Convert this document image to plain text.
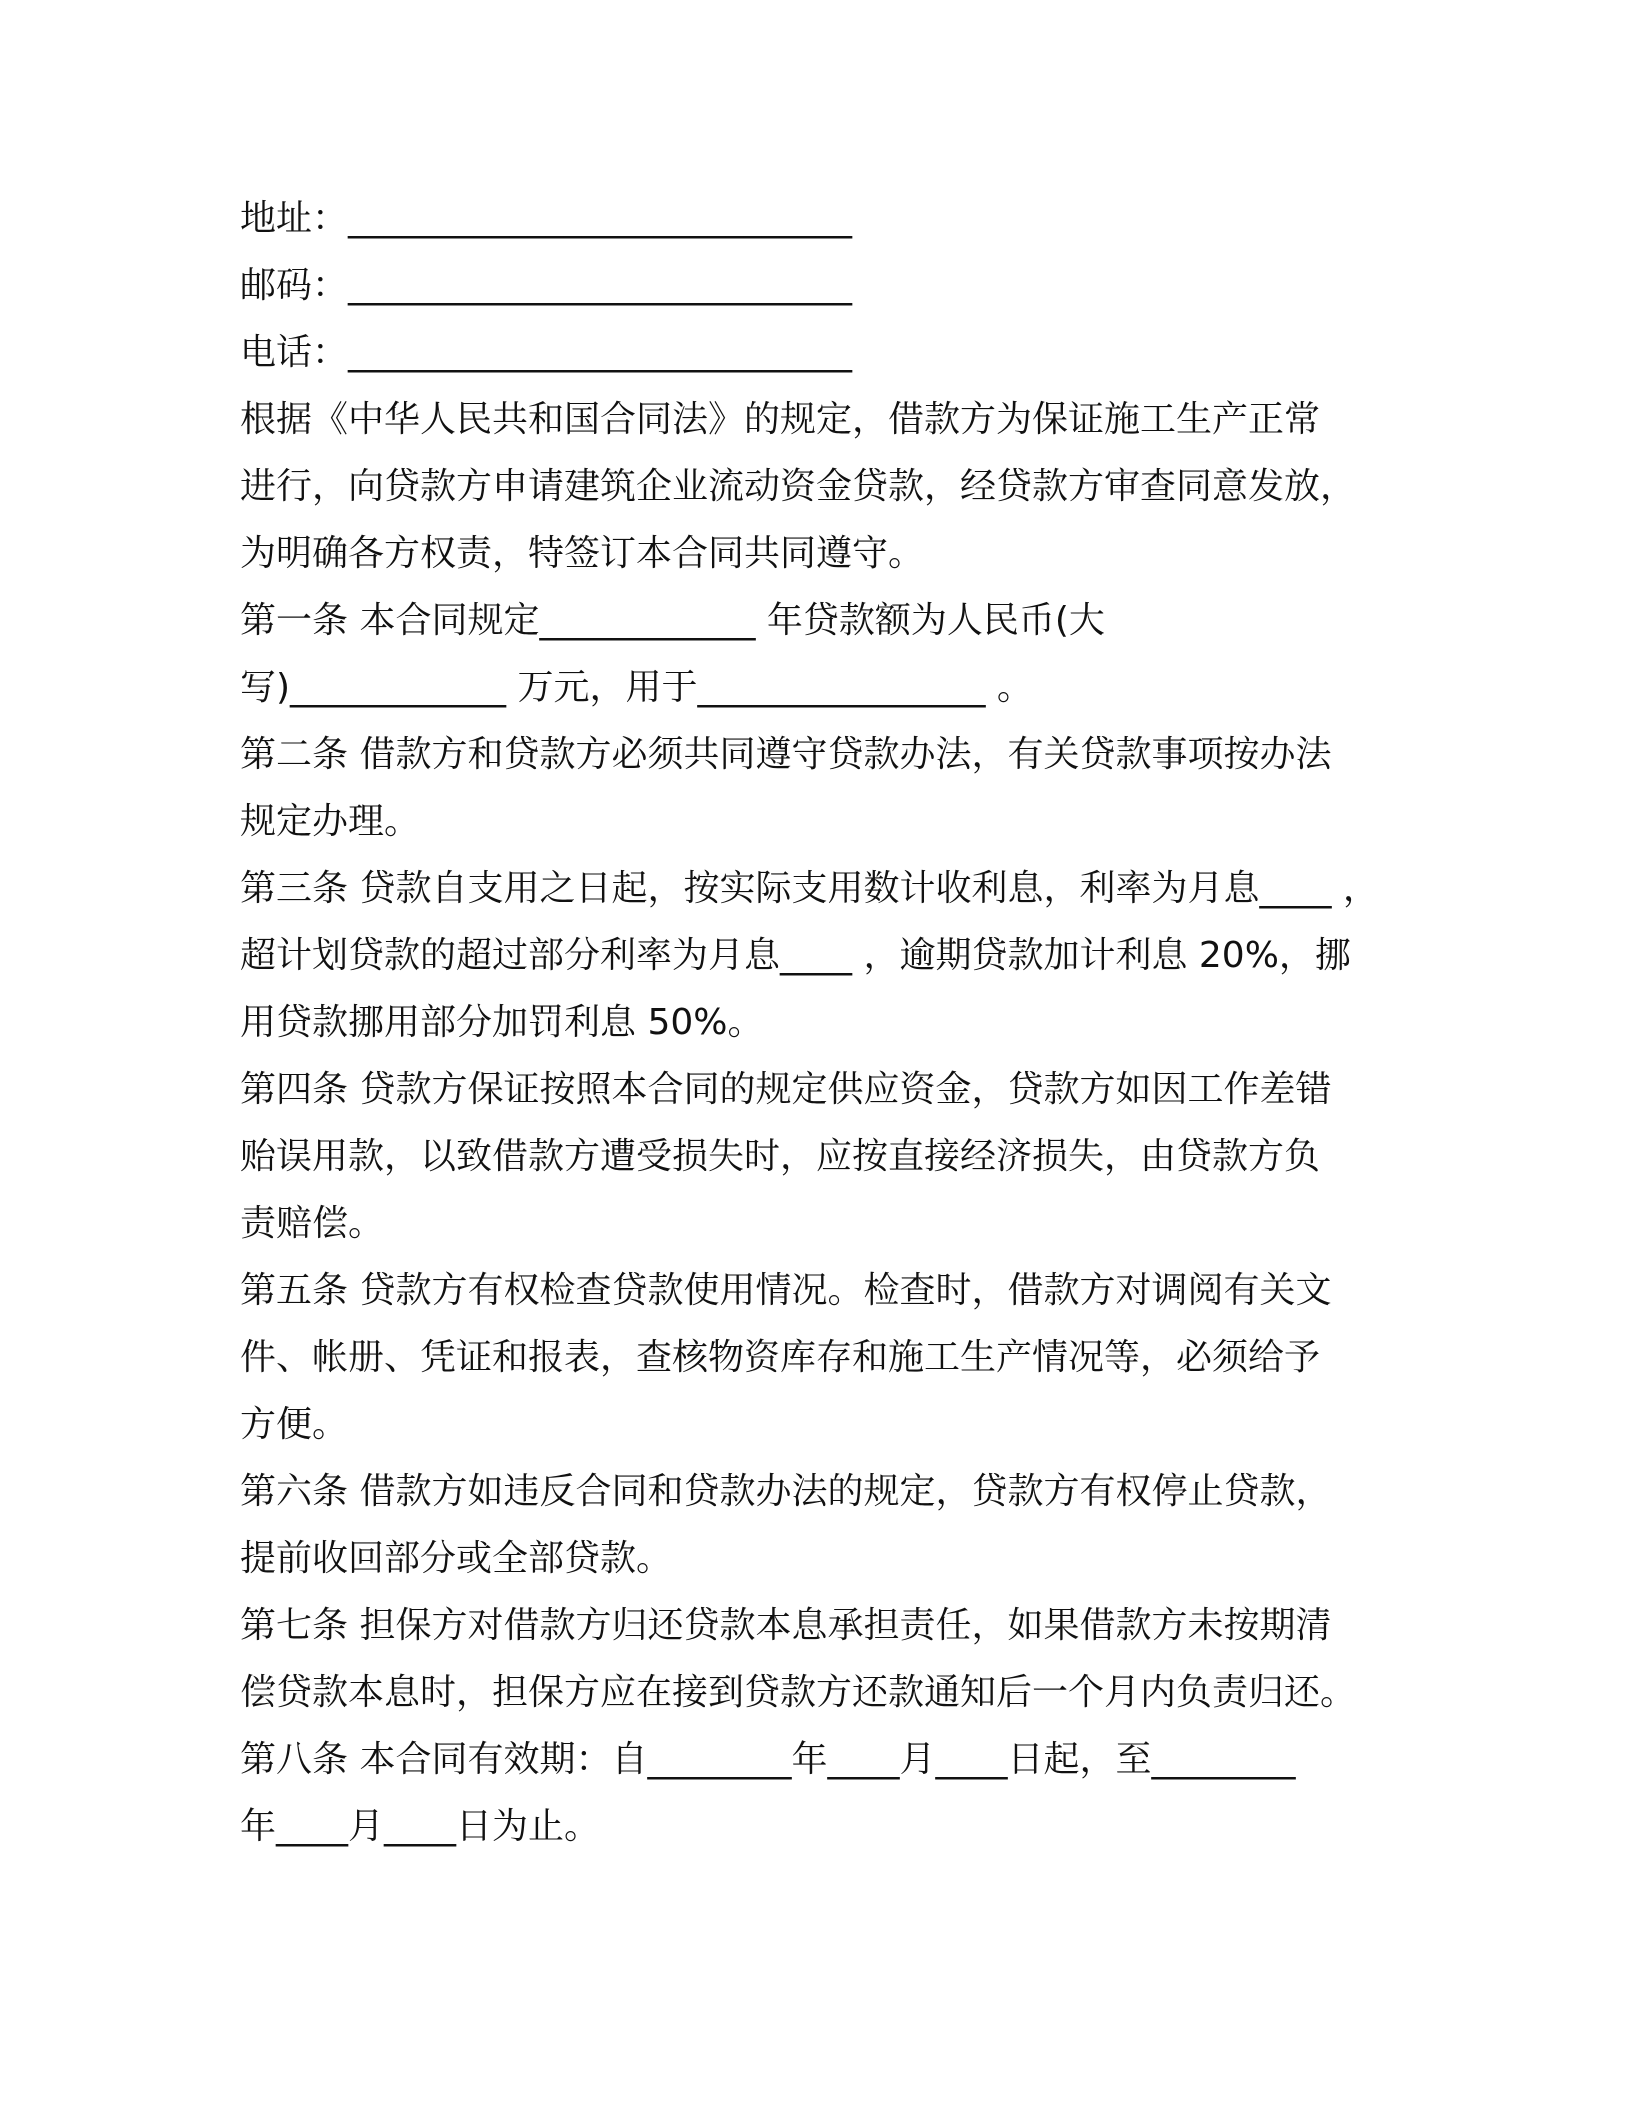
地址：____________________________
邮码：____________________________
电话：____________________________
根据《中华人民共和国合同法》的规定，借款方为保证施工生产正常
进行，向贷款方申请建筑企业流动资金贷款，经贷款方审查同意发放，
为明确各方权责，特签订本合同共同遵守。
第一条 本合同规定____________ 年贷款额为人民币(大
写)____________ 万元，用于________________ 。
第二条 借款方和贷款方必须共同遵守贷款办法，有关贷款事项按办法
规定办理。
第三条 贷款自支用之日起，按实际支用数计收利息，利率为月息____ ，
超计划贷款的超过部分利率为月息____ ，逾期贷款加计利息 20%，挪
用贷款挪用部分加罚利息 50%。
第四条 贷款方保证按照本合同的规定供应资金，贷款方如因工作差错
贻误用款，以致借款方遭受损失时，应按直接经济损失，由贷款方负
责赔偿。
第五条 贷款方有权检查贷款使用情况。检查时，借款方对调阅有关文
件、帐册、凭证和报表，查核物资库存和施工生产情况等，必须给予
方便。
第六条 借款方如违反合同和贷款办法的规定，贷款方有权停止贷款，
提前收回部分或全部贷款。
第七条 担保方对借款方归还贷款本息承担责任，如果借款方未按期清
偿贷款本息时，担保方应在接到贷款方还款通知后一个月内负责归还。
第八条 本合同有效期：自________年____月____日起，至________
年____月____日为止。
